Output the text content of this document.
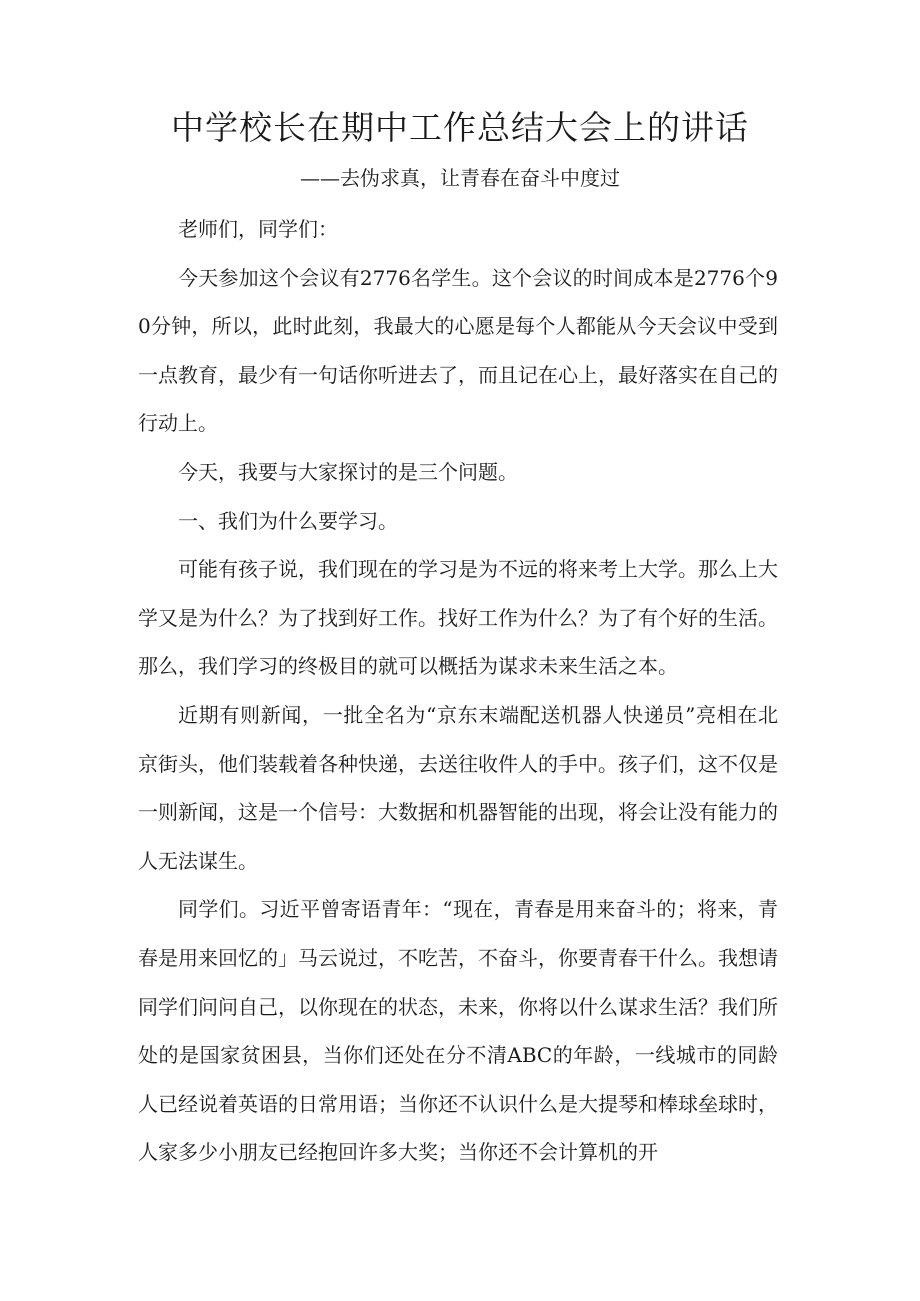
中学校长在期中工作总结大会上的讲话
——去伪求真，让青春在奋斗中度过

老师们，同学们：

今天参加这个会议有2776名学生。这个会议的时间成本是2776个90分钟，所以，此时此刻，我最大的心愿是每个人都能从今天会议中受到一点教育，最少有一句话你听进去了，而且记在心上，最好落实在自己的行动上。

今天，我要与大家探讨的是三个问题。

一、我们为什么要学习。

可能有孩子说，我们现在的学习是为不远的将来考上大学。那么上大学又是为什么？为了找到好工作。找好工作为什么？为了有个好的生活。那么，我们学习的终极目的就可以概括为谋求未来生活之本。

近期有则新闻，一批全名为“京东末端配送机器人快递员”亮相在北京街头，他们装载着各种快递，去送往收件人的手中。孩子们，这不仅是一则新闻，这是一个信号：大数据和机器智能的出现，将会让没有能力的人无法谋生。

同学们。习近平曾寄语青年：“现在，青春是用来奋斗的；将来，青春是用来回忆的」马云说过，不吃苦，不奋斗，你要青春干什么。我想请同学们问问自己，以你现在的状态，未来，你将以什么谋求生活？我们所处的是国家贫困县，当你们还处在分不清ABC的年龄，一线城市的同龄人已经说着英语的日常用语；当你还不认识什么是大提琴和棒球垒球时，人家多少小朋友已经抱回许多大奖；当你还不会计算机的开
